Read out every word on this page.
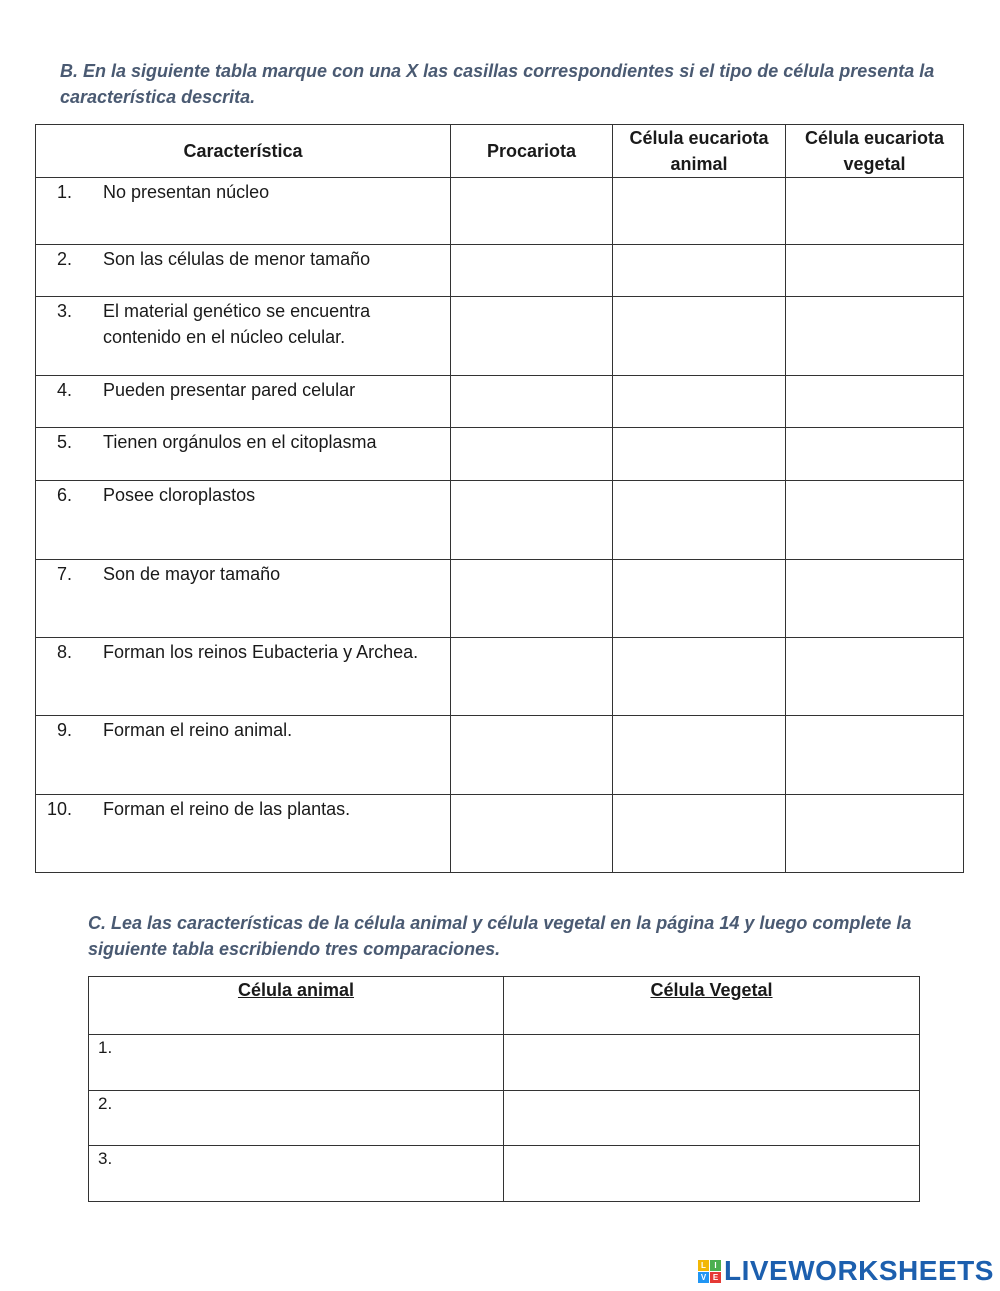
B. En la siguiente tabla marque con una X las casillas correspondientes si el tipo de célula presenta la característica descrita.
Característica	Procariota	Célula eucariota animal	Célula eucariota vegetal

1. No presentan núcleo			

2. Son las células de menor tamaño			

3. El material genético se encuentra contenido en el núcleo celular.			

4. Pueden presentar pared celular			

5. Tienen orgánulos en el citoplasma			

6. Posee cloroplastos			

7. Son de mayor tamaño			

8. Forman los reinos Eubacteria y Archea.			

9. Forman el reino animal.			

10. Forman el reino de las plantas.			

C. Lea las características de la célula animal y célula vegetal en la página 14 y luego complete la siguiente tabla escribiendo tres comparaciones.
Célula animal	Célula Vegetal
1.	
2.	
3.	
L	I
V E LIVEWORKSHEETS
